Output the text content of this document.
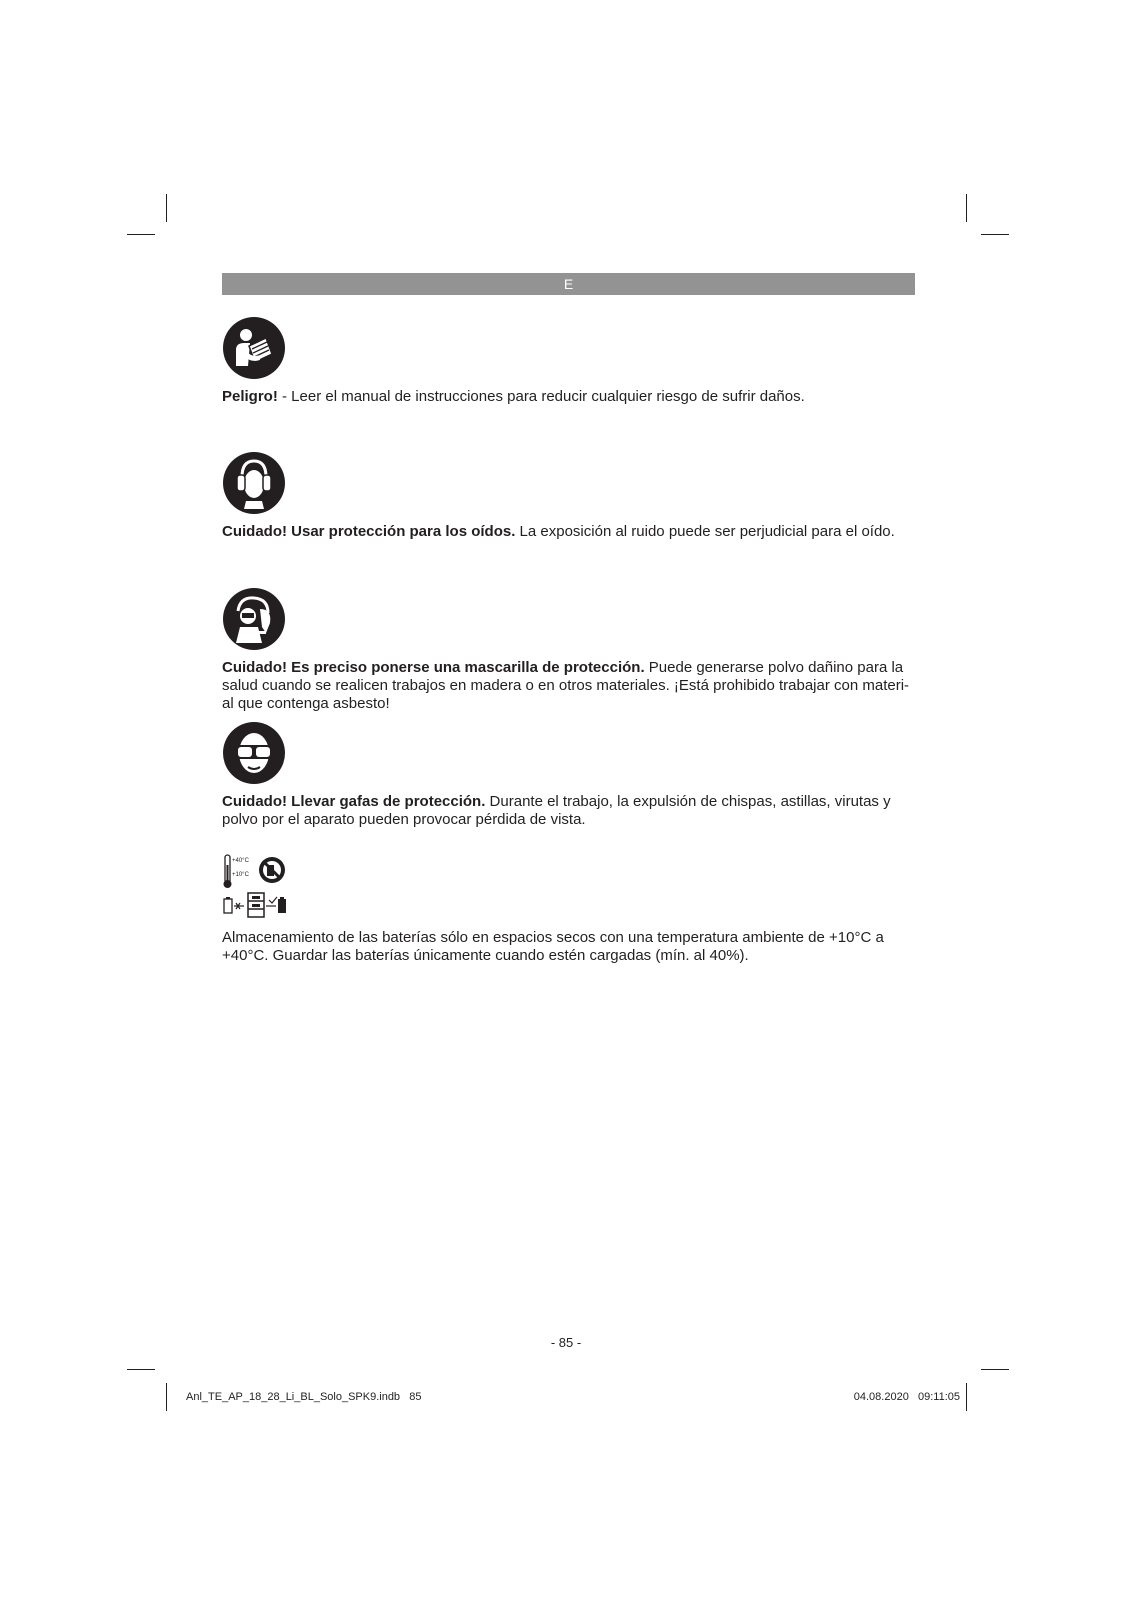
E

Peligro! - Leer el manual de instrucciones para reducir cualquier riesgo de sufrir daños.

Cuidado! Usar protección para los oídos. La exposición al ruido puede ser perjudicial para el oído.

Cuidado! Es preciso ponerse una mascarilla de protección. Puede generarse polvo dañino para la salud cuando se realicen trabajos en madera o en otros materiales. ¡Está prohibido trabajar con materi- al que contenga asbesto!

Cuidado! Llevar gafas de protección. Durante el trabajo, la expulsión de chispas, astillas, virutas y polvo por el aparato pueden provocar pérdida de vista.

+40°C
+10°C

Almacenamiento de las baterías sólo en espacios secos con una temperatura ambiente de +10°C a +40°C. Guardar las baterías únicamente cuando estén cargadas (mín. al 40%).

- 85 -
Anl_TE_AP_18_28_Li_BL_Solo_SPK9.indb   85	04.08.2020   09:11:05
